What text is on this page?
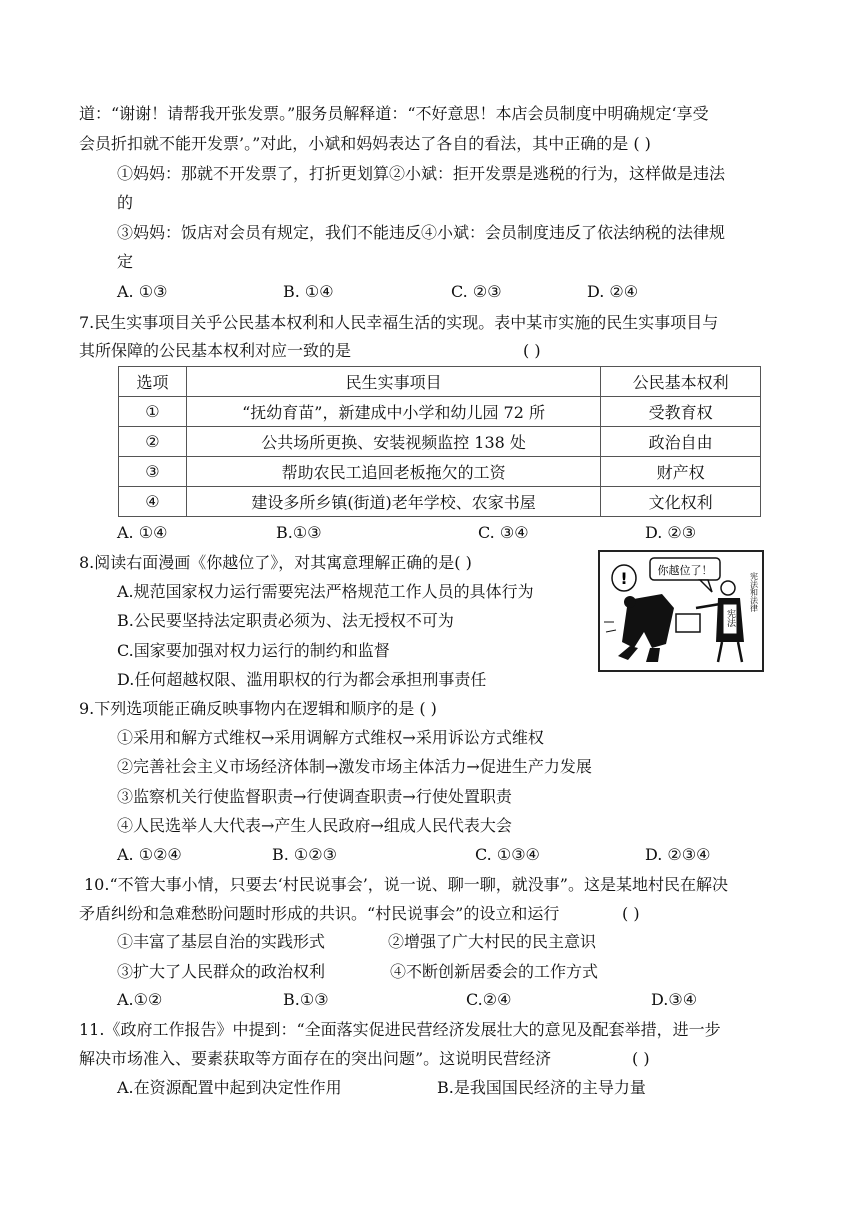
道：“谢谢！请帮我开张发票。”服务员解释道：“不好意思！本店会员制度中明确规定‘享受
会员折扣就不能开发票’。”对此，小斌和妈妈表达了各自的看法，其中正确的是 ( )
①妈妈：那就不开发票了，打折更划算②小斌：拒开发票是逃税的行为，这样做是违法
的
③妈妈：饭店对会员有规定，我们不能违反④小斌：会员制度违反了依法纳税的法律规
定
A. ①③	B. ①④	C. ②③	D. ②④
7.民生实事项目关乎公民基本权利和人民幸福生活的实现。表中某市实施的民生实事项目与
其所保障的公民基本权利对应一致的是	( )
选项	民生实事项目	公民基本权利
①	“抚幼育苗”，新建成中小学和幼儿园 72 所	受教育权
②	公共场所更换、安装视频监控 138 处	政治自由
③	帮助农民工追回老板拖欠的工资	财产权
④	建设多所乡镇(街道)老年学校、农家书屋	文化权利
A. ①④	B.①③	C. ③④	D. ②③
8.阅读右面漫画《你越位了》，对其寓意理解正确的是( )
A.规范国家权力运行需要宪法严格规范工作人员的具体行为
B.公民要坚持法定职责必须为、法无授权不可为
C.国家要加强对权力运行的制约和监督
D.任何超越权限、滥用职权的行为都会承担刑事责任
!	你越位了！
宪法
宪法和法律
9.下列选项能正确反映事物内在逻辑和顺序的是 ( )
①采用和解方式维权→采用调解方式维权→采用诉讼方式维权
②完善社会主义市场经济体制→激发市场主体活力→促进生产力发展
③监察机关行使监督职责→行使调查职责→行使处置职责
④人民选举人大代表→产生人民政府→组成人民代表大会
A. ①②④	B. ①②③	C. ①③④	D. ②③④
10.“不管大事小情，只要去‘村民说事会’，说一说、聊一聊，就没事”。这是某地村民在解决
矛盾纠纷和急难愁盼问题时形成的共识。“村民说事会”的设立和运行	( )
①丰富了基层自治的实践形式	②增强了广大村民的民主意识
③扩大了人民群众的政治权利	④不断创新居委会的工作方式
A.①②	B.①③	C.②④	D.③④
11.《政府工作报告》中提到：“全面落实促进民营经济发展壮大的意见及配套举措，进一步
解决市场准入、要素获取等方面存在的突出问题”。这说明民营经济	( )
A.在资源配置中起到决定性作用	B.是我国国民经济的主导力量
